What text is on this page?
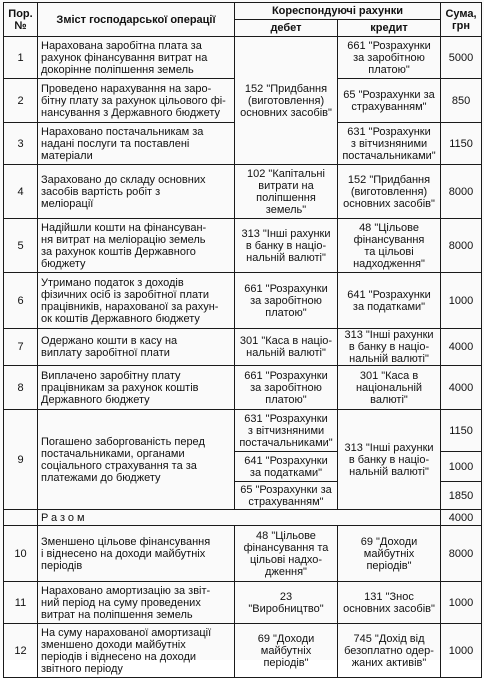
Пор.
№	Зміст господарської операції	Кореспондуючі рахунки		Сума,
грн
		дебет	кредит	
1	Нарахована заробітна плата за
рахунок фінансування витрат на
докорінне поліпшення земель	152 "Придбання
(виготовлення)
основних засобів"	661 "Розрахунки
за заробітною
платою"	5000
2	Проведено нарахування на заро-
бітну плату за рахунок цільового фі-
нансування з Державного бюджету		65 "Розрахунки за
страхуванням"	850
3	Нараховано постачальникам за
надані послуги та поставлені
матеріали		631 "Розрахунки
з вітчизняними
постачальниками"	1150
4	Зараховано до складу основних
засобів вартість робіт з
меліорації	102 "Капітальні
витрати на
поліпшення
земель"	152 "Придбання
(виготовлення)
основних засобів"	8000
5	Надійшли кошти на фінансуван-
ня витрат на меліорацію земель
за рахунок коштів Державного
бюджету	313 "Інші рахунки
в банку в націо-
нальній валюті"	48 "Цільове
фінансування
та цільові
надходження"	8000
6	Утримано податок з доходів
фізичних осіб із заробітної плати
працівників, нарахованої за рахун-
ок коштів Державного бюджету	661 "Розрахунки
за заробітною
платою"	641 "Розрахунки
за податками"	1000
7	Одержано кошти в касу на
виплату заробітної плати	301 "Каса в націо-
нальній валюті"	313 "Інші рахунки
в банку в націо-
нальній валюті"	4000
8	Виплачено заробітну плату
працівникам за рахунок коштів
Державного бюджету	661 "Розрахунки
за заробітною
платою"	301 "Каса в
національній
валюті"	4000
9	Погашено заборгованість перед
постачальниками, органами
соціального страхування та за
платежами до бюджету	631 "Розрахунки
з вітчизняними
постачальниками"	313 "Інші рахунки
в банку в націо-
нальній валюті"	1150
		641 "Розрахунки
за податками"		1000
		65 "Розрахунки за
страхуванням"		1850
	Разом			4000
10	Зменшено цільове фінансування
і віднесено на доходи майбутніх
періодів	48 "Цільове
фінансування та
цільові надхо-
дження"	69 "Доходи
майбутніх
періодів"	8000
11	Нараховано амортизацію за звіт-
ний період на суму проведених
витрат на поліпшення земель	23
"Виробництво"	131 "Знос
основних засобів"	1000
12	На суму нарахованої амортизації
зменшено доходи майбутніх
періодів і віднесено на доходи
звітного періоду	69 "Доходи
майбутніх
періодів"	745 "Дохід від
безоплатно одер-
жаних активів"	1000
